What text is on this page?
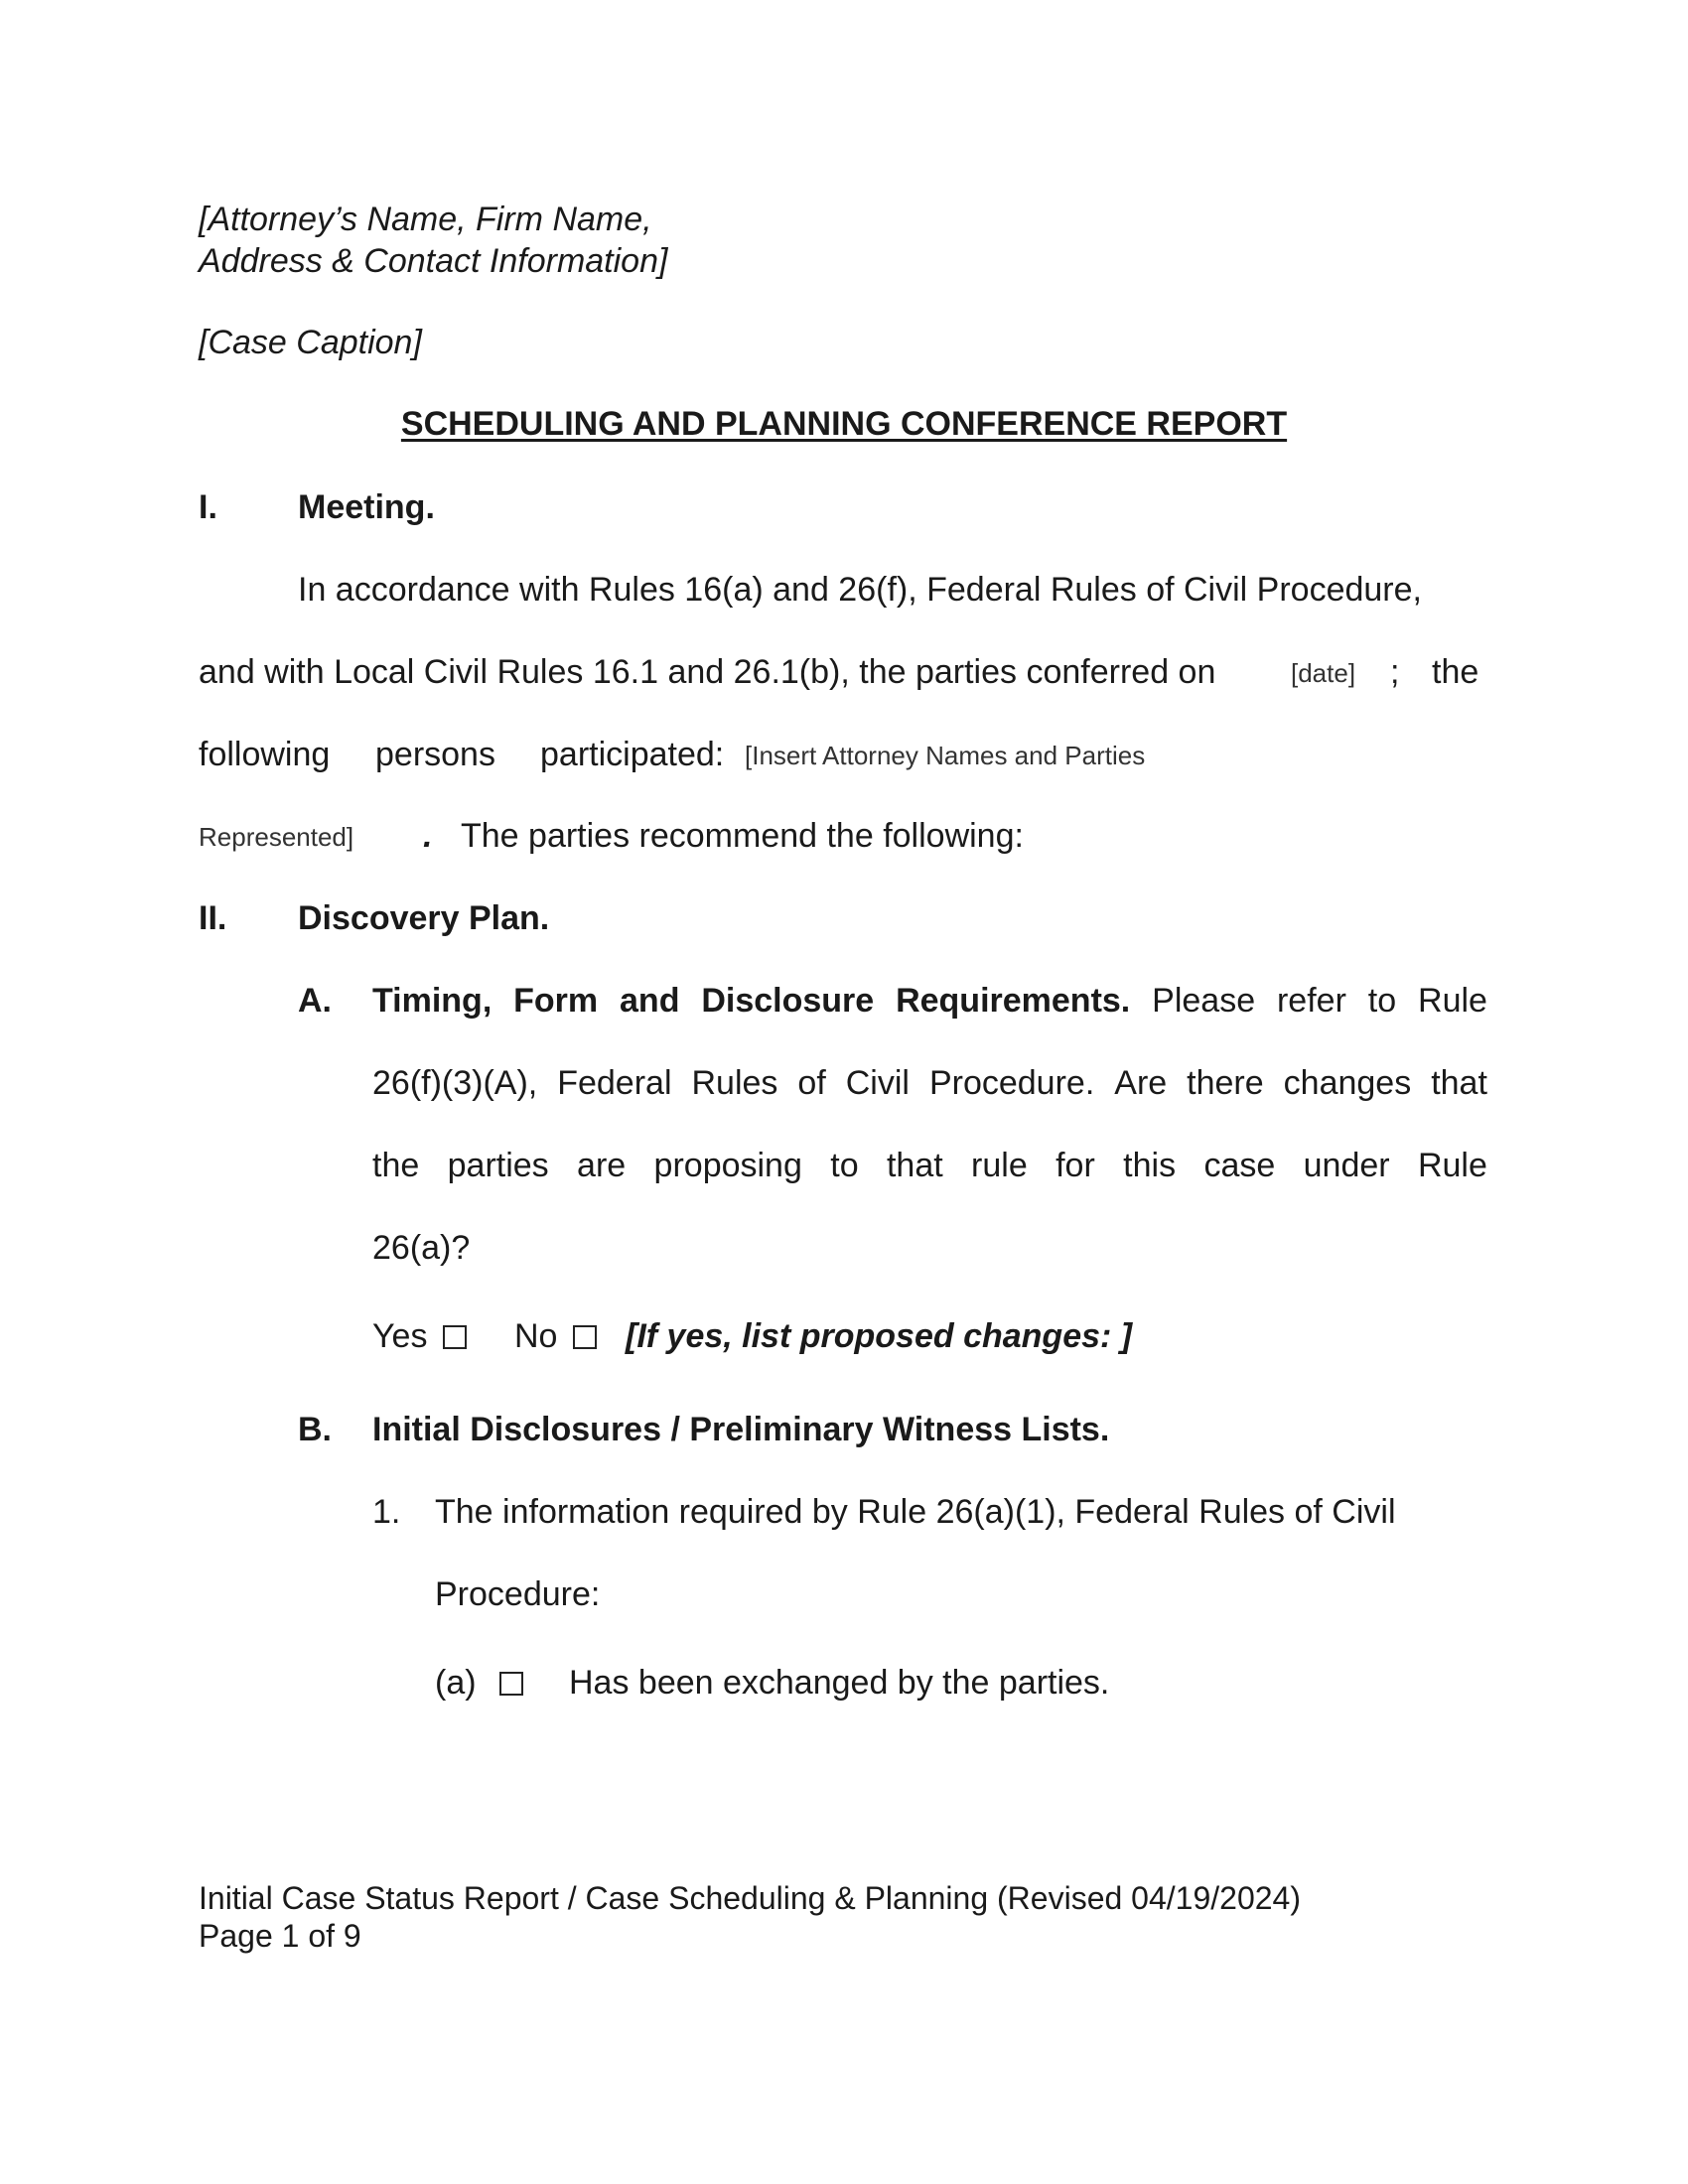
[Attorney’s Name, Firm Name,
Address & Contact Information]
[Case Caption]
SCHEDULING AND PLANNING CONFERENCE REPORT
I. Meeting.
In accordance with Rules 16(a) and 26(f), Federal Rules of Civil Procedure,
and with Local Civil Rules 16.1 and 26.1(b), the parties conferred on	[date] ; the
following persons participated: [Insert Attorney Names and Parties
Represented] . The parties recommend the following:
II. Discovery Plan.
A. Timing, Form and Disclosure Requirements. Please refer to Rule
26(f)(3)(A), Federal Rules of Civil Procedure. Are there changes that
the parties are proposing to that rule for this case under Rule
26(a)?
Yes	No	[If yes, list proposed changes: ]
B. Initial Disclosures / Preliminary Witness Lists.
1. The information required by Rule 26(a)(1), Federal Rules of Civil
Procedure:
(a)	Has been exchanged by the parties.
Initial Case Status Report / Case Scheduling & Planning (Revised 04/19/2024)
Page 1 of 9
